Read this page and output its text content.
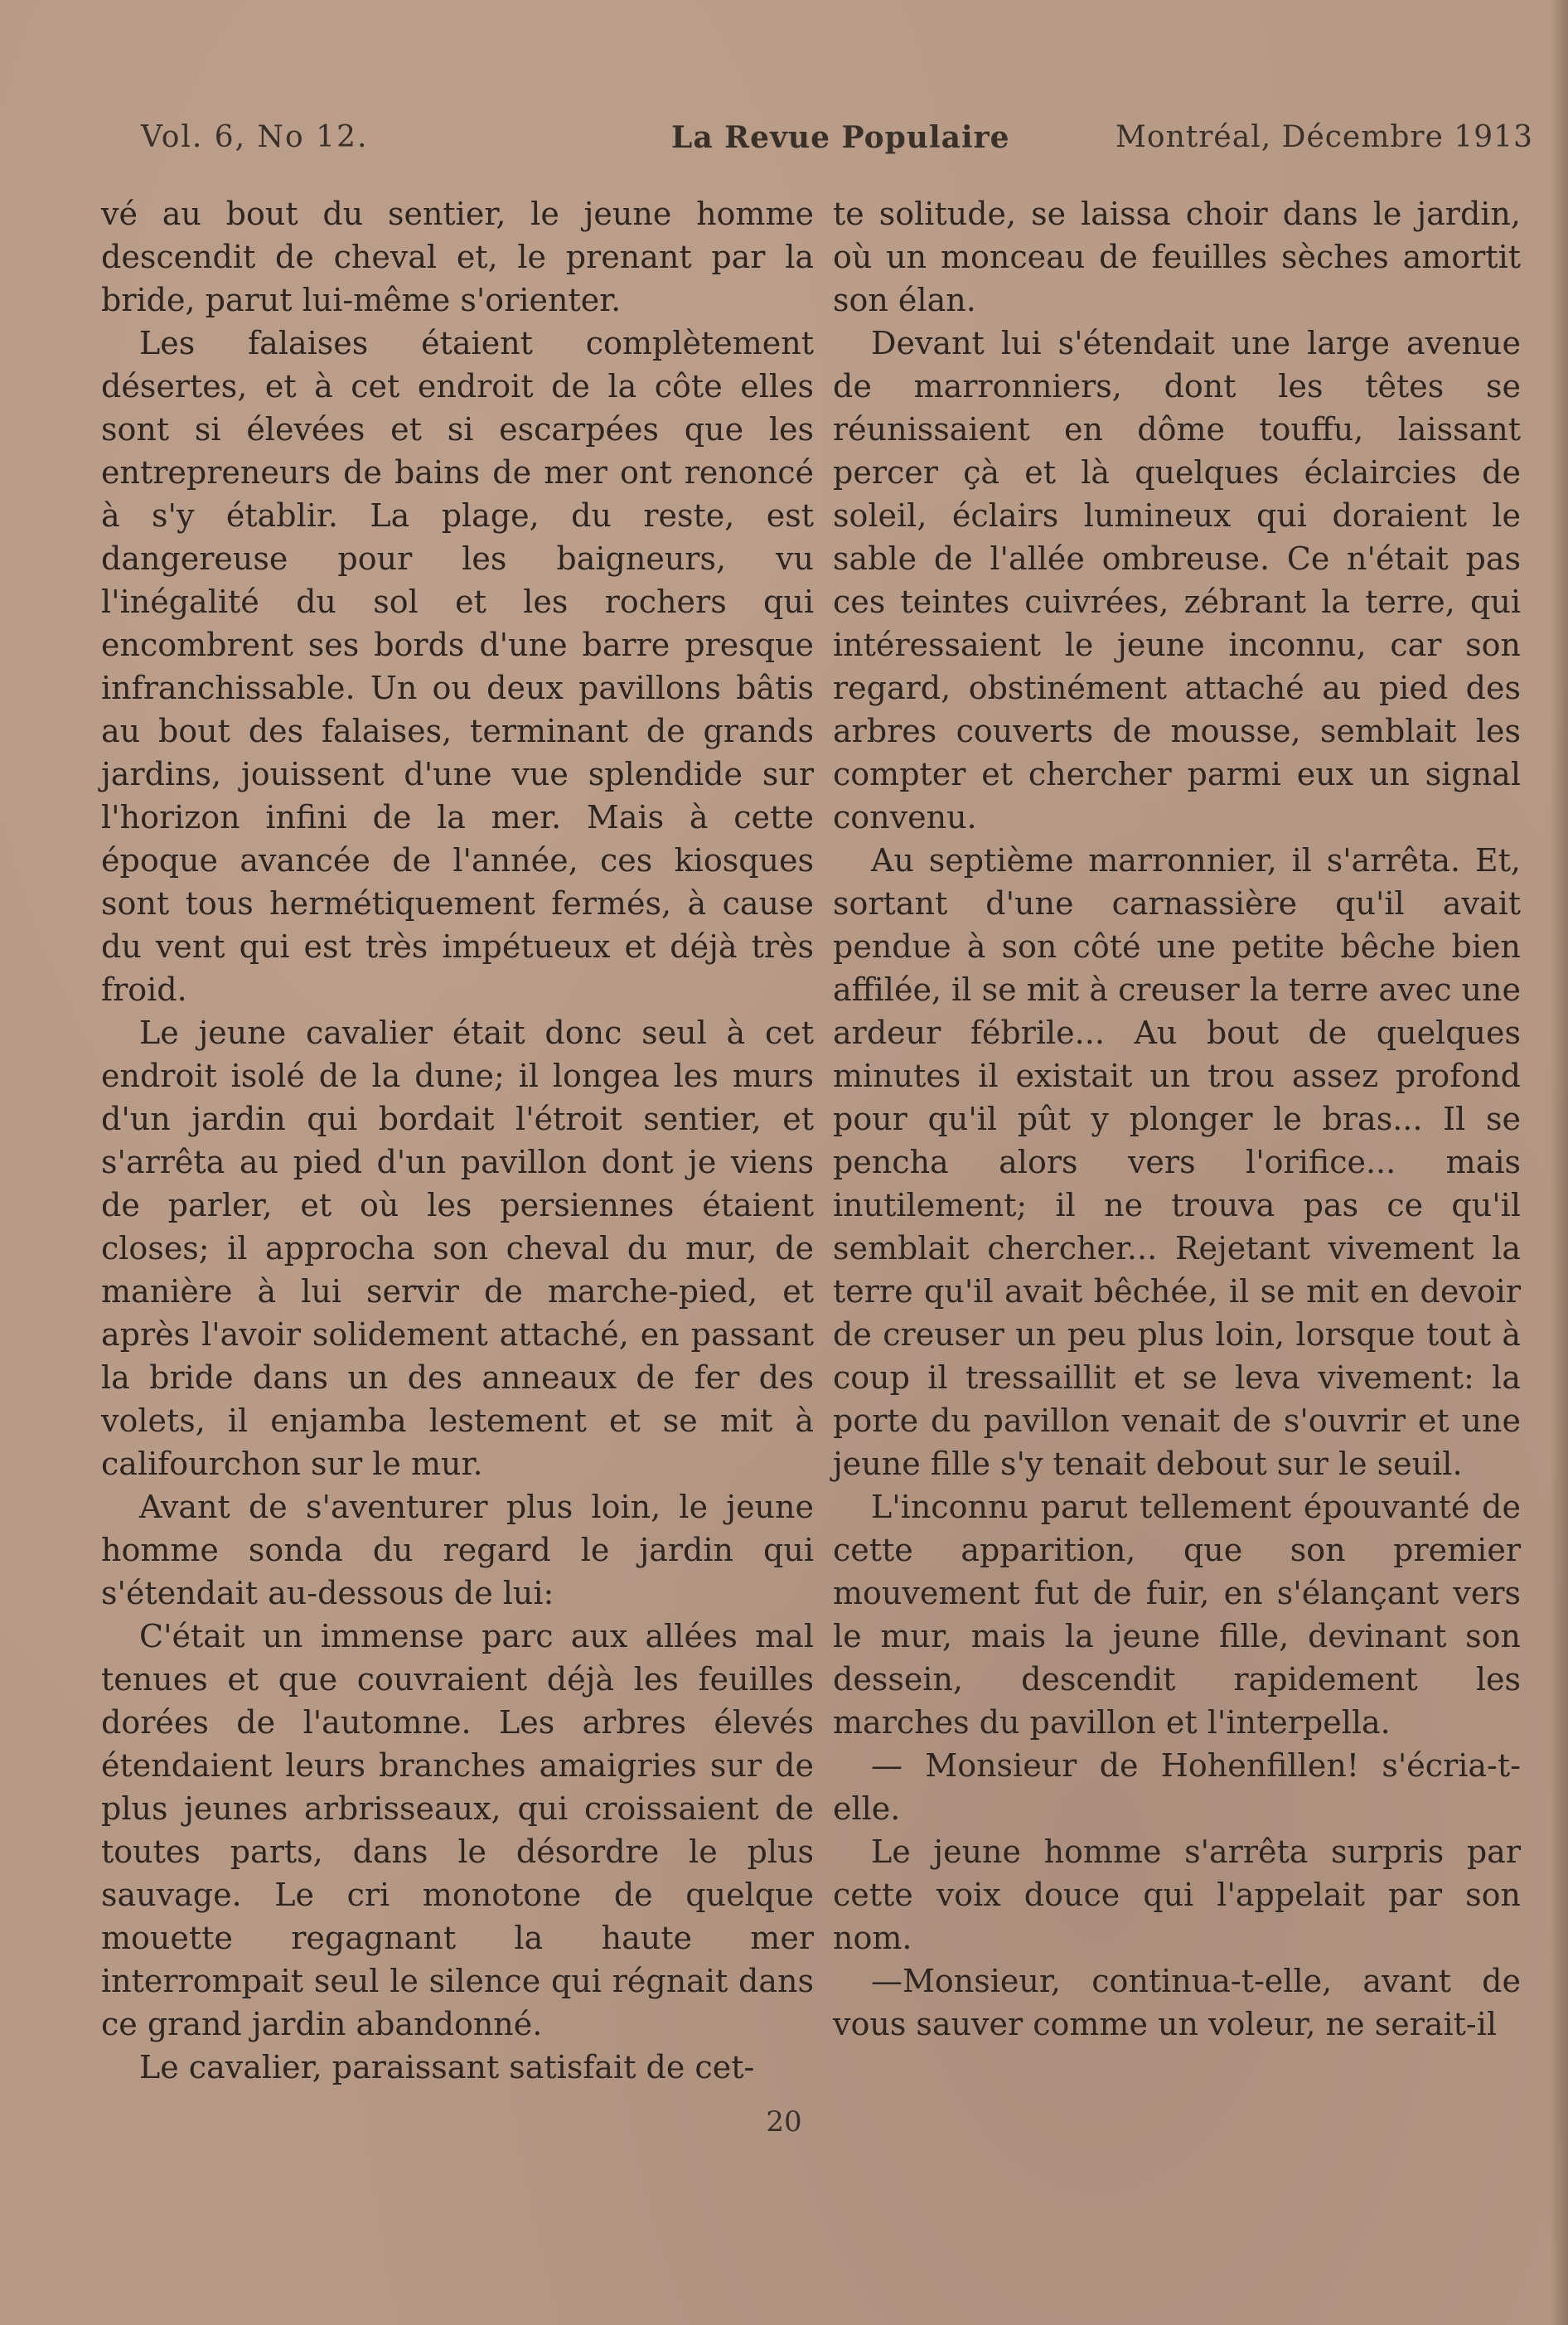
Vol. 6, No 12.	La Revue Populaire	Montréal, Décembre 1913

vé au bout du sentier, le jeune homme descendit de cheval et, le prenant par la bride, parut lui-même s'orienter.

Les falaises étaient complètement désertes, et à cet endroit de la côte elles sont si élevées et si escarpées que les entrepreneurs de bains de mer ont renoncé à s'y établir. La plage, du reste, est dangereuse pour les baigneurs, vu l'inégalité du sol et les rochers qui encombrent ses bords d'une barre presque infranchissable. Un ou deux pavillons bâtis au bout des falaises, terminant de grands jardins, jouissent d'une vue splendide sur l'horizon infini de la mer. Mais à cette époque avancée de l'année, ces kiosques sont tous hermétiquement fermés, à cause du vent qui est très impétueux et déjà très froid.

Le jeune cavalier était donc seul à cet endroit isolé de la dune; il longea les murs d'un jardin qui bordait l'étroit sentier, et s'arrêta au pied d'un pavillon dont je viens de parler, et où les persiennes étaient closes; il approcha son cheval du mur, de manière à lui servir de marche-pied, et après l'avoir solidement attaché, en passant la bride dans un des anneaux de fer des volets, il enjamba lestement et se mit à califourchon sur le mur.

Avant de s'aventurer plus loin, le jeune homme sonda du regard le jardin qui s'étendait au-dessous de lui:

C'était un immense parc aux allées mal tenues et que couvraient déjà les feuilles dorées de l'automne. Les arbres élevés étendaient leurs branches amaigries sur de plus jeunes arbrisseaux, qui croissaient de toutes parts, dans le désordre le plus sauvage. Le cri monotone de quelque mouette regagnant la haute mer interrompait seul le silence qui régnait dans ce grand jardin abandonné.

Le cavalier, paraissant satisfait de cet-

te solitude, se laissa choir dans le jardin, où un monceau de feuilles sèches amortit son élan.

Devant lui s'étendait une large avenue de marronniers, dont les têtes se réunissaient en dôme touffu, laissant percer çà et là quelques éclaircies de soleil, éclairs lumineux qui doraient le sable de l'allée ombreuse. Ce n'était pas ces teintes cuivrées, zébrant la terre, qui intéressaient le jeune inconnu, car son regard, obstinément attaché au pied des arbres couverts de mousse, semblait les compter et chercher parmi eux un signal convenu.

Au septième marronnier, il s'arrêta. Et, sortant d'une carnassière qu'il avait pendue à son côté une petite bêche bien affilée, il se mit à creuser la terre avec une ardeur fébrile... Au bout de quelques minutes il existait un trou assez profond pour qu'il pût y plonger le bras... Il se pencha alors vers l'orifice... mais inutilement; il ne trouva pas ce qu'il semblait chercher... Rejetant vivement la terre qu'il avait bêchée, il se mit en devoir de creuser un peu plus loin, lorsque tout à coup il tressaillit et se leva vivement: la porte du pavillon venait de s'ouvrir et une jeune fille s'y tenait debout sur le seuil.

L'inconnu parut tellement épouvanté de cette apparition, que son premier mouvement fut de fuir, en s'élançant vers le mur, mais la jeune fille, devinant son dessein, descendit rapidement les marches du pavillon et l'interpella.

— Monsieur de Hohenfillen! s'écria-t-elle.

Le jeune homme s'arrêta surpris par cette voix douce qui l'appelait par son nom.

—Monsieur, continua-t-elle, avant de vous sauver comme un voleur, ne serait-il

20
